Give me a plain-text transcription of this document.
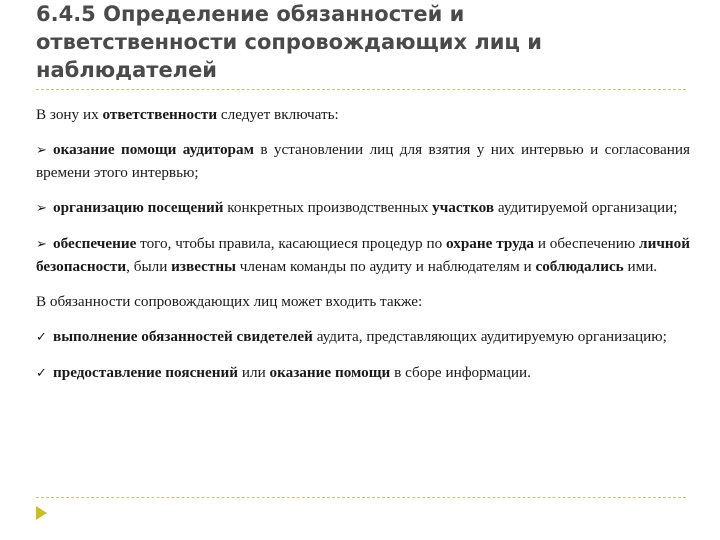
6.4.5 Определение обязанностей и
ответственности сопровождающих лиц и
наблюдателей

В зону их ответственности следует включать:

➢ оказание помощи аудиторам в установлении лиц для взятия у них интервью и согласования времени этого интервью;

➢ организацию посещений конкретных производственных участков аудитируемой организации;

➢ обеспечение того, чтобы правила, касающиеся процедур по охране труда и обеспечению личной безопасности, были известны членам команды по аудиту и наблюдателям и соблюдались ими.

В обязанности сопровождающих лиц может входить также:

✓ выполнение обязанностей свидетелей аудита, представляющих аудитируемую организацию;

✓ предоставление пояснений или оказание помощи в сборе информации.
